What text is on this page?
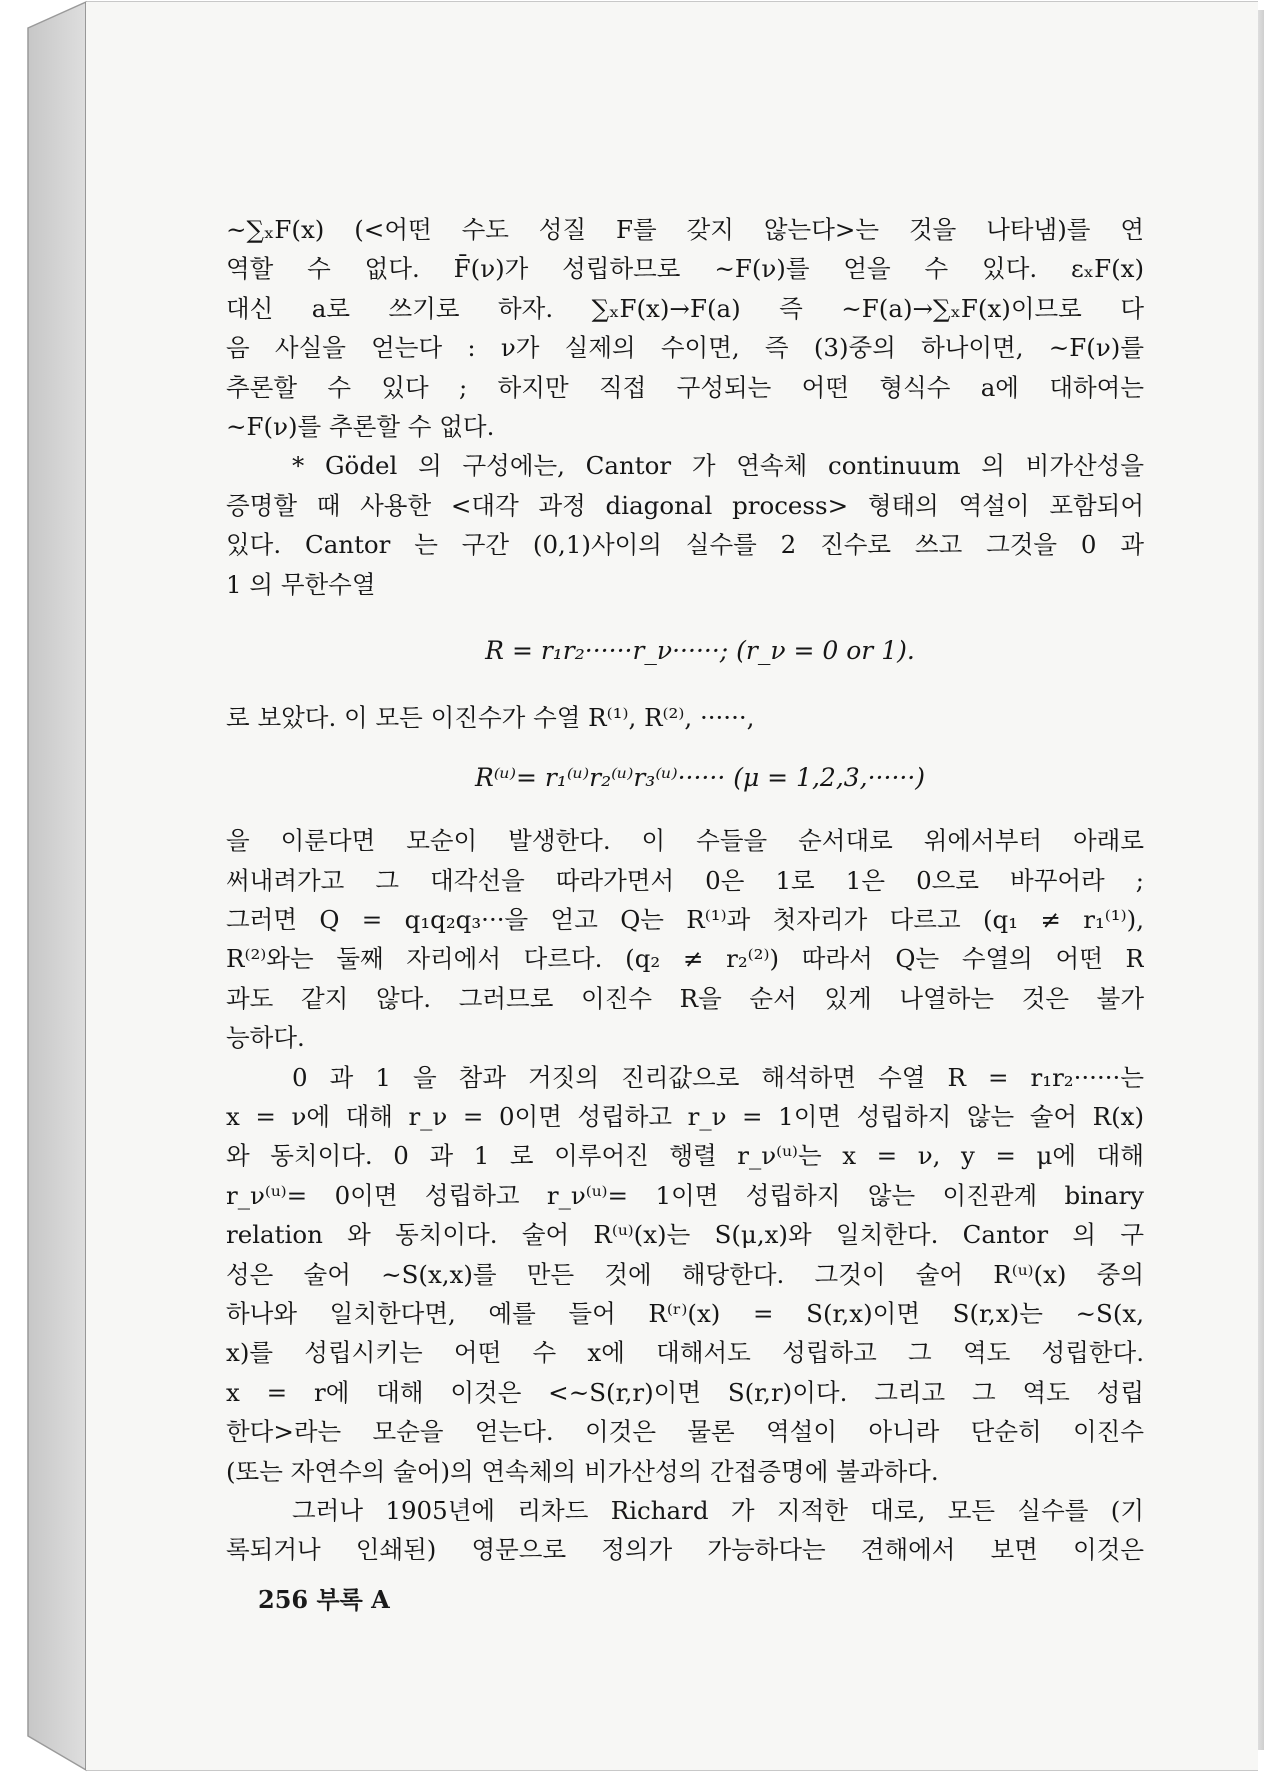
~∑ₓF(x) (<어떤 수도 성질 F를 갖지 않는다>는 것을 나타냄)를 연
역할 수 없다. F̄(ν)가 성립하므로 ~F(ν)를 얻을 수 있다. εₓF(x)
대신 a로 쓰기로 하자. ∑ₓF(x)→F(a) 즉 ~F(a)→∑ₓF(x)이므로 다
음 사실을 얻는다 : ν가 실제의 수이면, 즉 (3)중의 하나이면, ~F(ν)를
추론할 수 있다 ; 하지만 직접 구성되는 어떤 형식수 a에 대하여는
~F(ν)를 추론할 수 없다.
* Gödel 의 구성에는, Cantor 가 연속체 continuum 의 비가산성을
증명할 때 사용한 <대각 과정 diagonal process> 형태의 역설이 포함되어
있다. Cantor 는 구간 (0,1)사이의 실수를 2 진수로 쓰고 그것을 0 과
1 의 무한수열
R = r₁r₂······r_ν······; (r_ν = 0 or 1).
로 보았다. 이 모든 이진수가 수열 R⁽¹⁾, R⁽²⁾, ······,
R⁽ᵘ⁾= r₁⁽ᵘ⁾r₂⁽ᵘ⁾r₃⁽ᵘ⁾······ (μ = 1,2,3,······)
을 이룬다면 모순이 발생한다. 이 수들을 순서대로 위에서부터 아래로
써내려가고 그 대각선을 따라가면서 0은 1로 1은 0으로 바꾸어라 ;
그러면 Q = q₁q₂q₃···을 얻고 Q는 R⁽¹⁾과 첫자리가 다르고 (q₁ ≠ r₁⁽¹⁾),
R⁽²⁾와는 둘째 자리에서 다르다. (q₂ ≠ r₂⁽²⁾) 따라서 Q는 수열의 어떤 R
과도 같지 않다. 그러므로 이진수 R을 순서 있게 나열하는 것은 불가
능하다.
0 과 1 을 참과 거짓의 진리값으로 해석하면 수열 R = r₁r₂······는
x = ν에 대해 r_ν = 0이면 성립하고 r_ν = 1이면 성립하지 않는 술어 R(x)
와 동치이다. 0 과 1 로 이루어진 행렬 r_ν⁽ᵘ⁾는 x = ν, y = μ에 대해
r_ν⁽ᵘ⁾= 0이면 성립하고 r_ν⁽ᵘ⁾= 1이면 성립하지 않는 이진관계 binary
relation 와 동치이다. 술어 R⁽ᵘ⁾(x)는 S(μ,x)와 일치한다. Cantor 의 구
성은 술어 ~S(x,x)를 만든 것에 해당한다. 그것이 술어 R⁽ᵘ⁾(x) 중의
하나와 일치한다면, 예를 들어 R⁽ʳ⁾(x) = S(r,x)이면 S(r,x)는 ~S(x,
x)를 성립시키는 어떤 수 x에 대해서도 성립하고 그 역도 성립한다.
x = r에 대해 이것은 <~S(r,r)이면 S(r,r)이다. 그리고 그 역도 성립
한다>라는 모순을 얻는다. 이것은 물론 역설이 아니라 단순히 이진수
(또는 자연수의 술어)의 연속체의 비가산성의 간접증명에 불과하다.
그러나 1905년에 리차드 Richard 가 지적한 대로, 모든 실수를 (기
록되거나 인쇄된) 영문으로 정의가 가능하다는 견해에서 보면 이것은
256 부록 A
